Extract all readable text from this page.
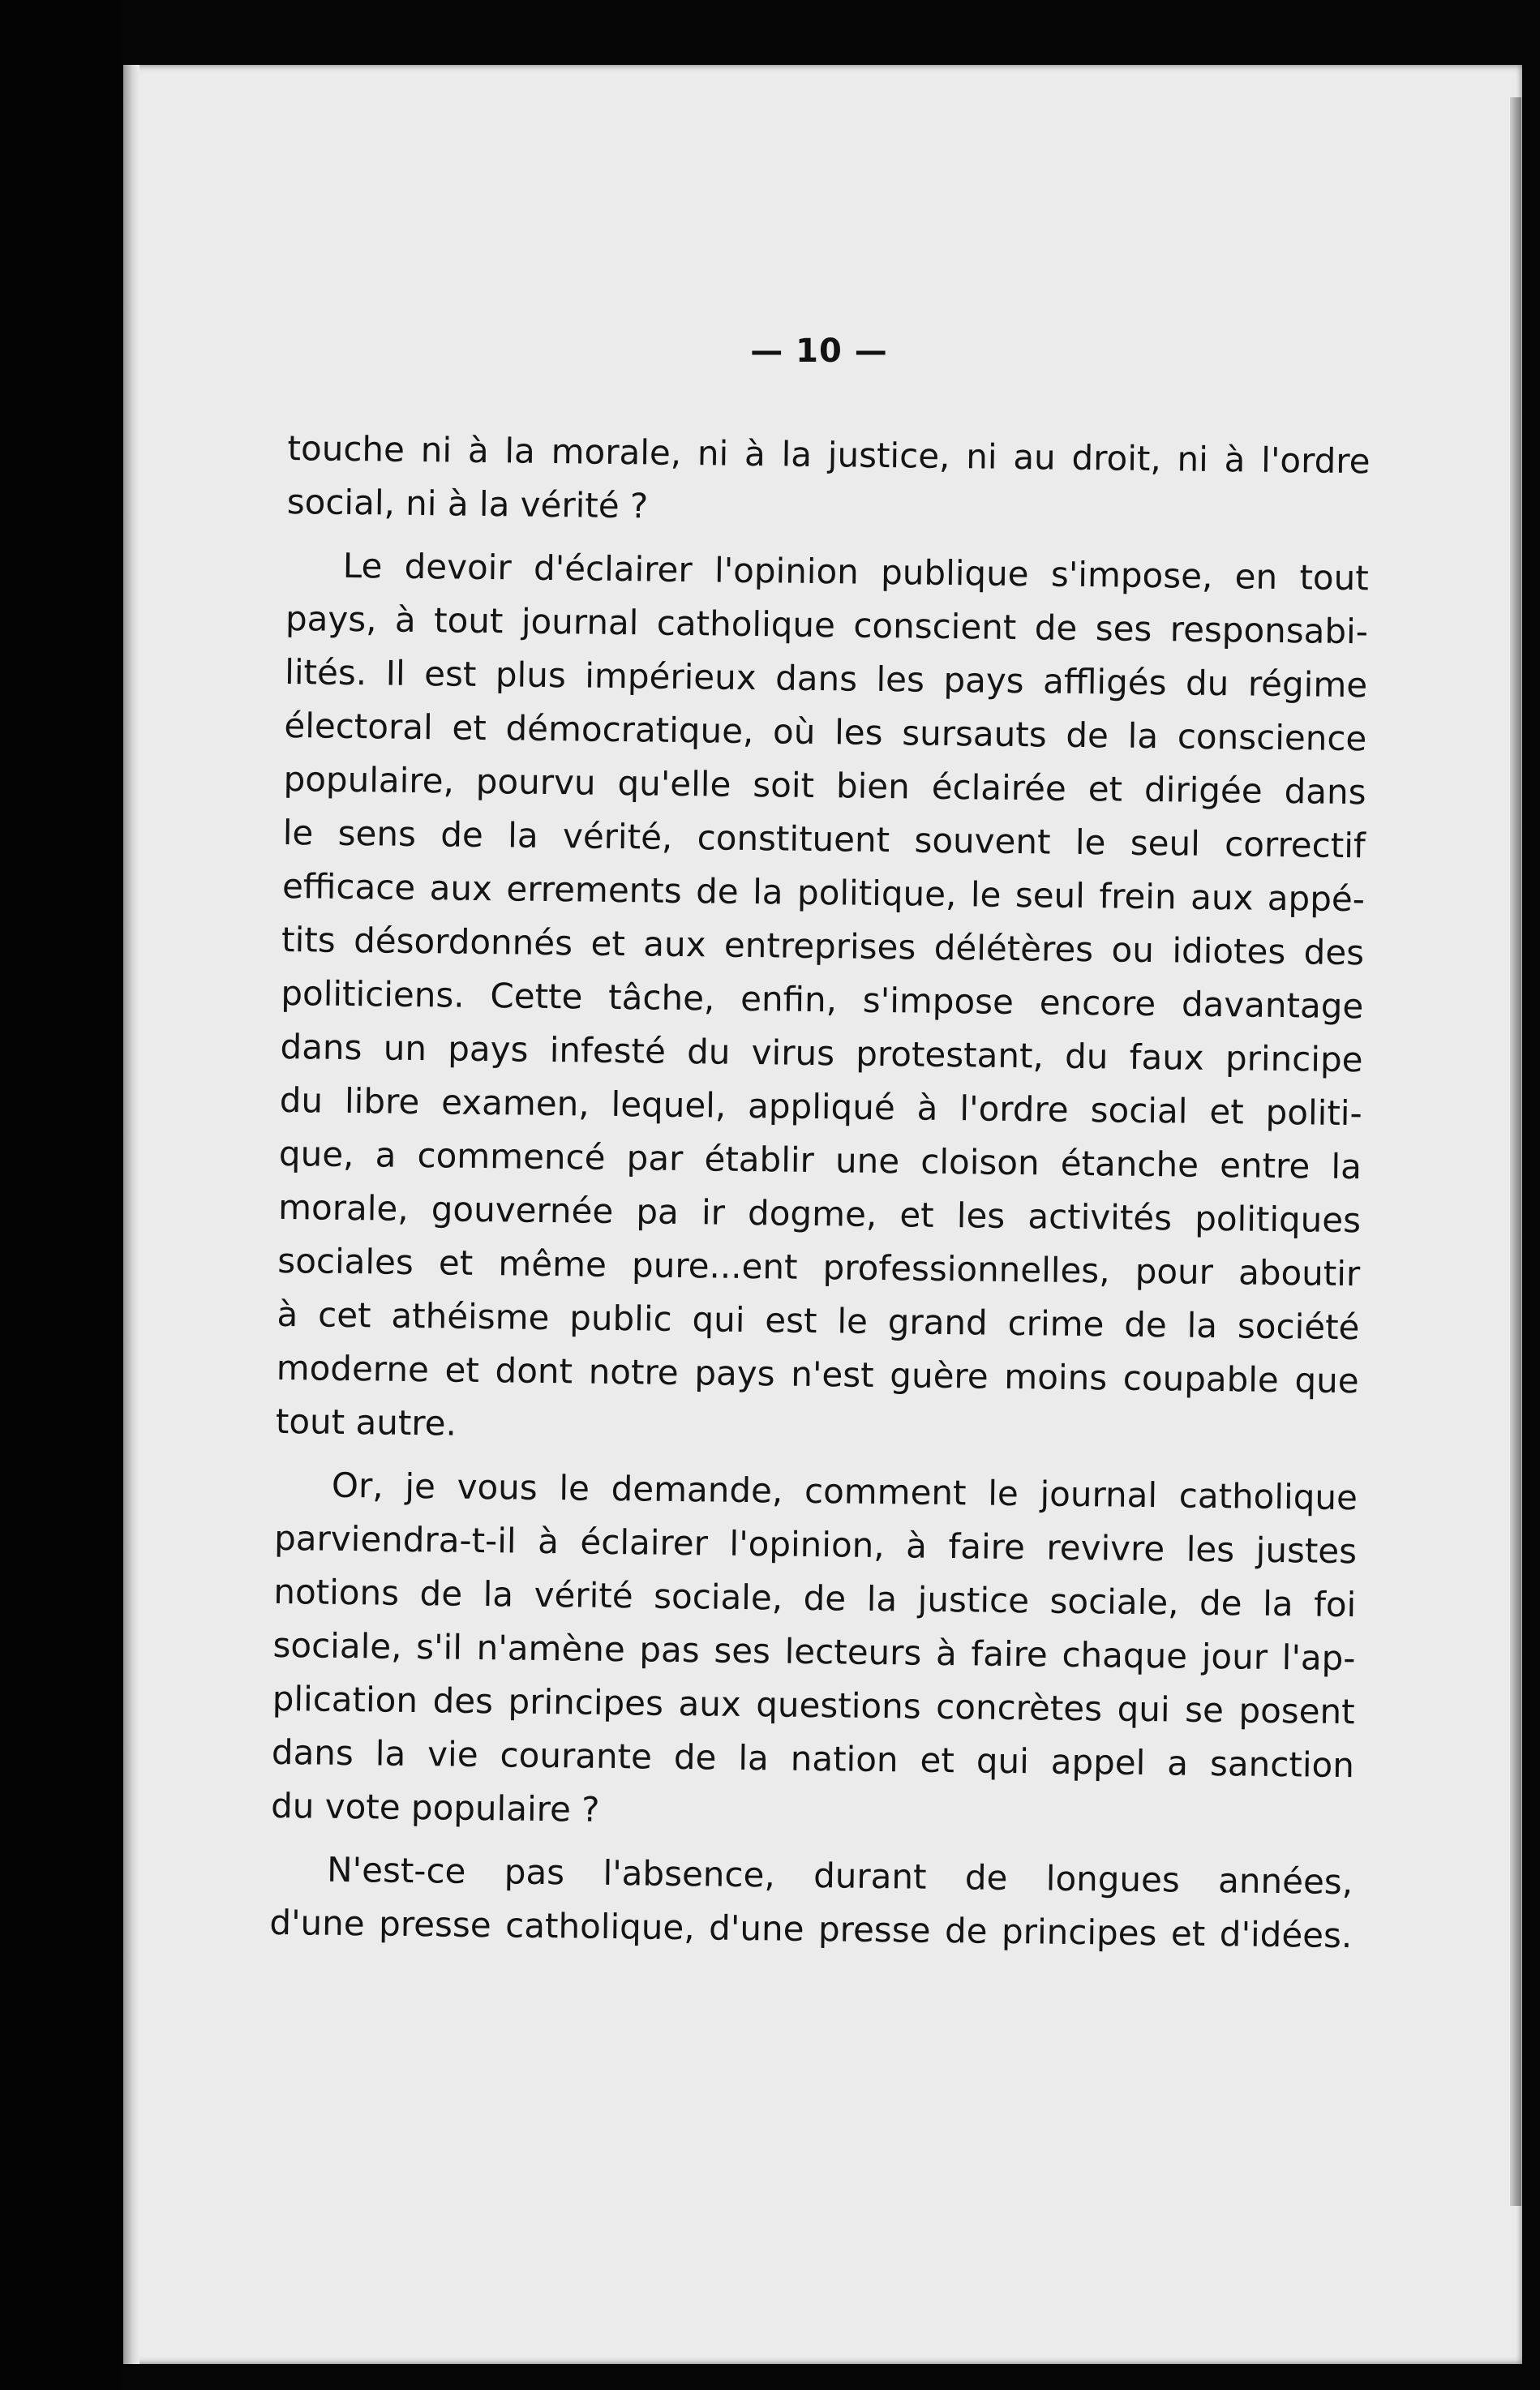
— 10 —
touche ni à la morale, ni à la justice, ni au droit, ni à l'ordre
social, ni à la vérité ?
Le devoir d'éclairer l'opinion publique s'impose, en tout
pays, à tout journal catholique conscient de ses responsabi-
lités. Il est plus impérieux dans les pays affligés du régime
électoral et démocratique, où les sursauts de la conscience
populaire, pourvu qu'elle soit bien éclairée et dirigée dans
le sens de la vérité, constituent souvent le seul correctif
efficace aux errements de la politique, le seul frein aux appé-
tits désordonnés et aux entreprises délétères ou idiotes des
politiciens. Cette tâche, enfin, s'impose encore davantage
dans un pays infesté du virus protestant, du faux principe
du libre examen, lequel, appliqué à l'ordre social et politi-
que, a commencé par établir une cloison étanche entre la
morale, gouvernée pa ir dogme, et les activités politiques
sociales et même pure...ent professionnelles, pour aboutir
à cet athéisme public qui est le grand crime de la société
moderne et dont notre pays n'est guère moins coupable que
tout autre.
Or, je vous le demande, comment le journal catholique
parviendra-t-il à éclairer l'opinion, à faire revivre les justes
notions de la vérité sociale, de la justice sociale, de la foi
sociale, s'il n'amène pas ses lecteurs à faire chaque jour l'ap-
plication des principes aux questions concrètes qui se posent
dans la vie courante de la nation et qui appel a sanction
du vote populaire ?
N'est-ce pas l'absence, durant de longues années,
d'une presse catholique, d'une presse de principes et d'idées.
